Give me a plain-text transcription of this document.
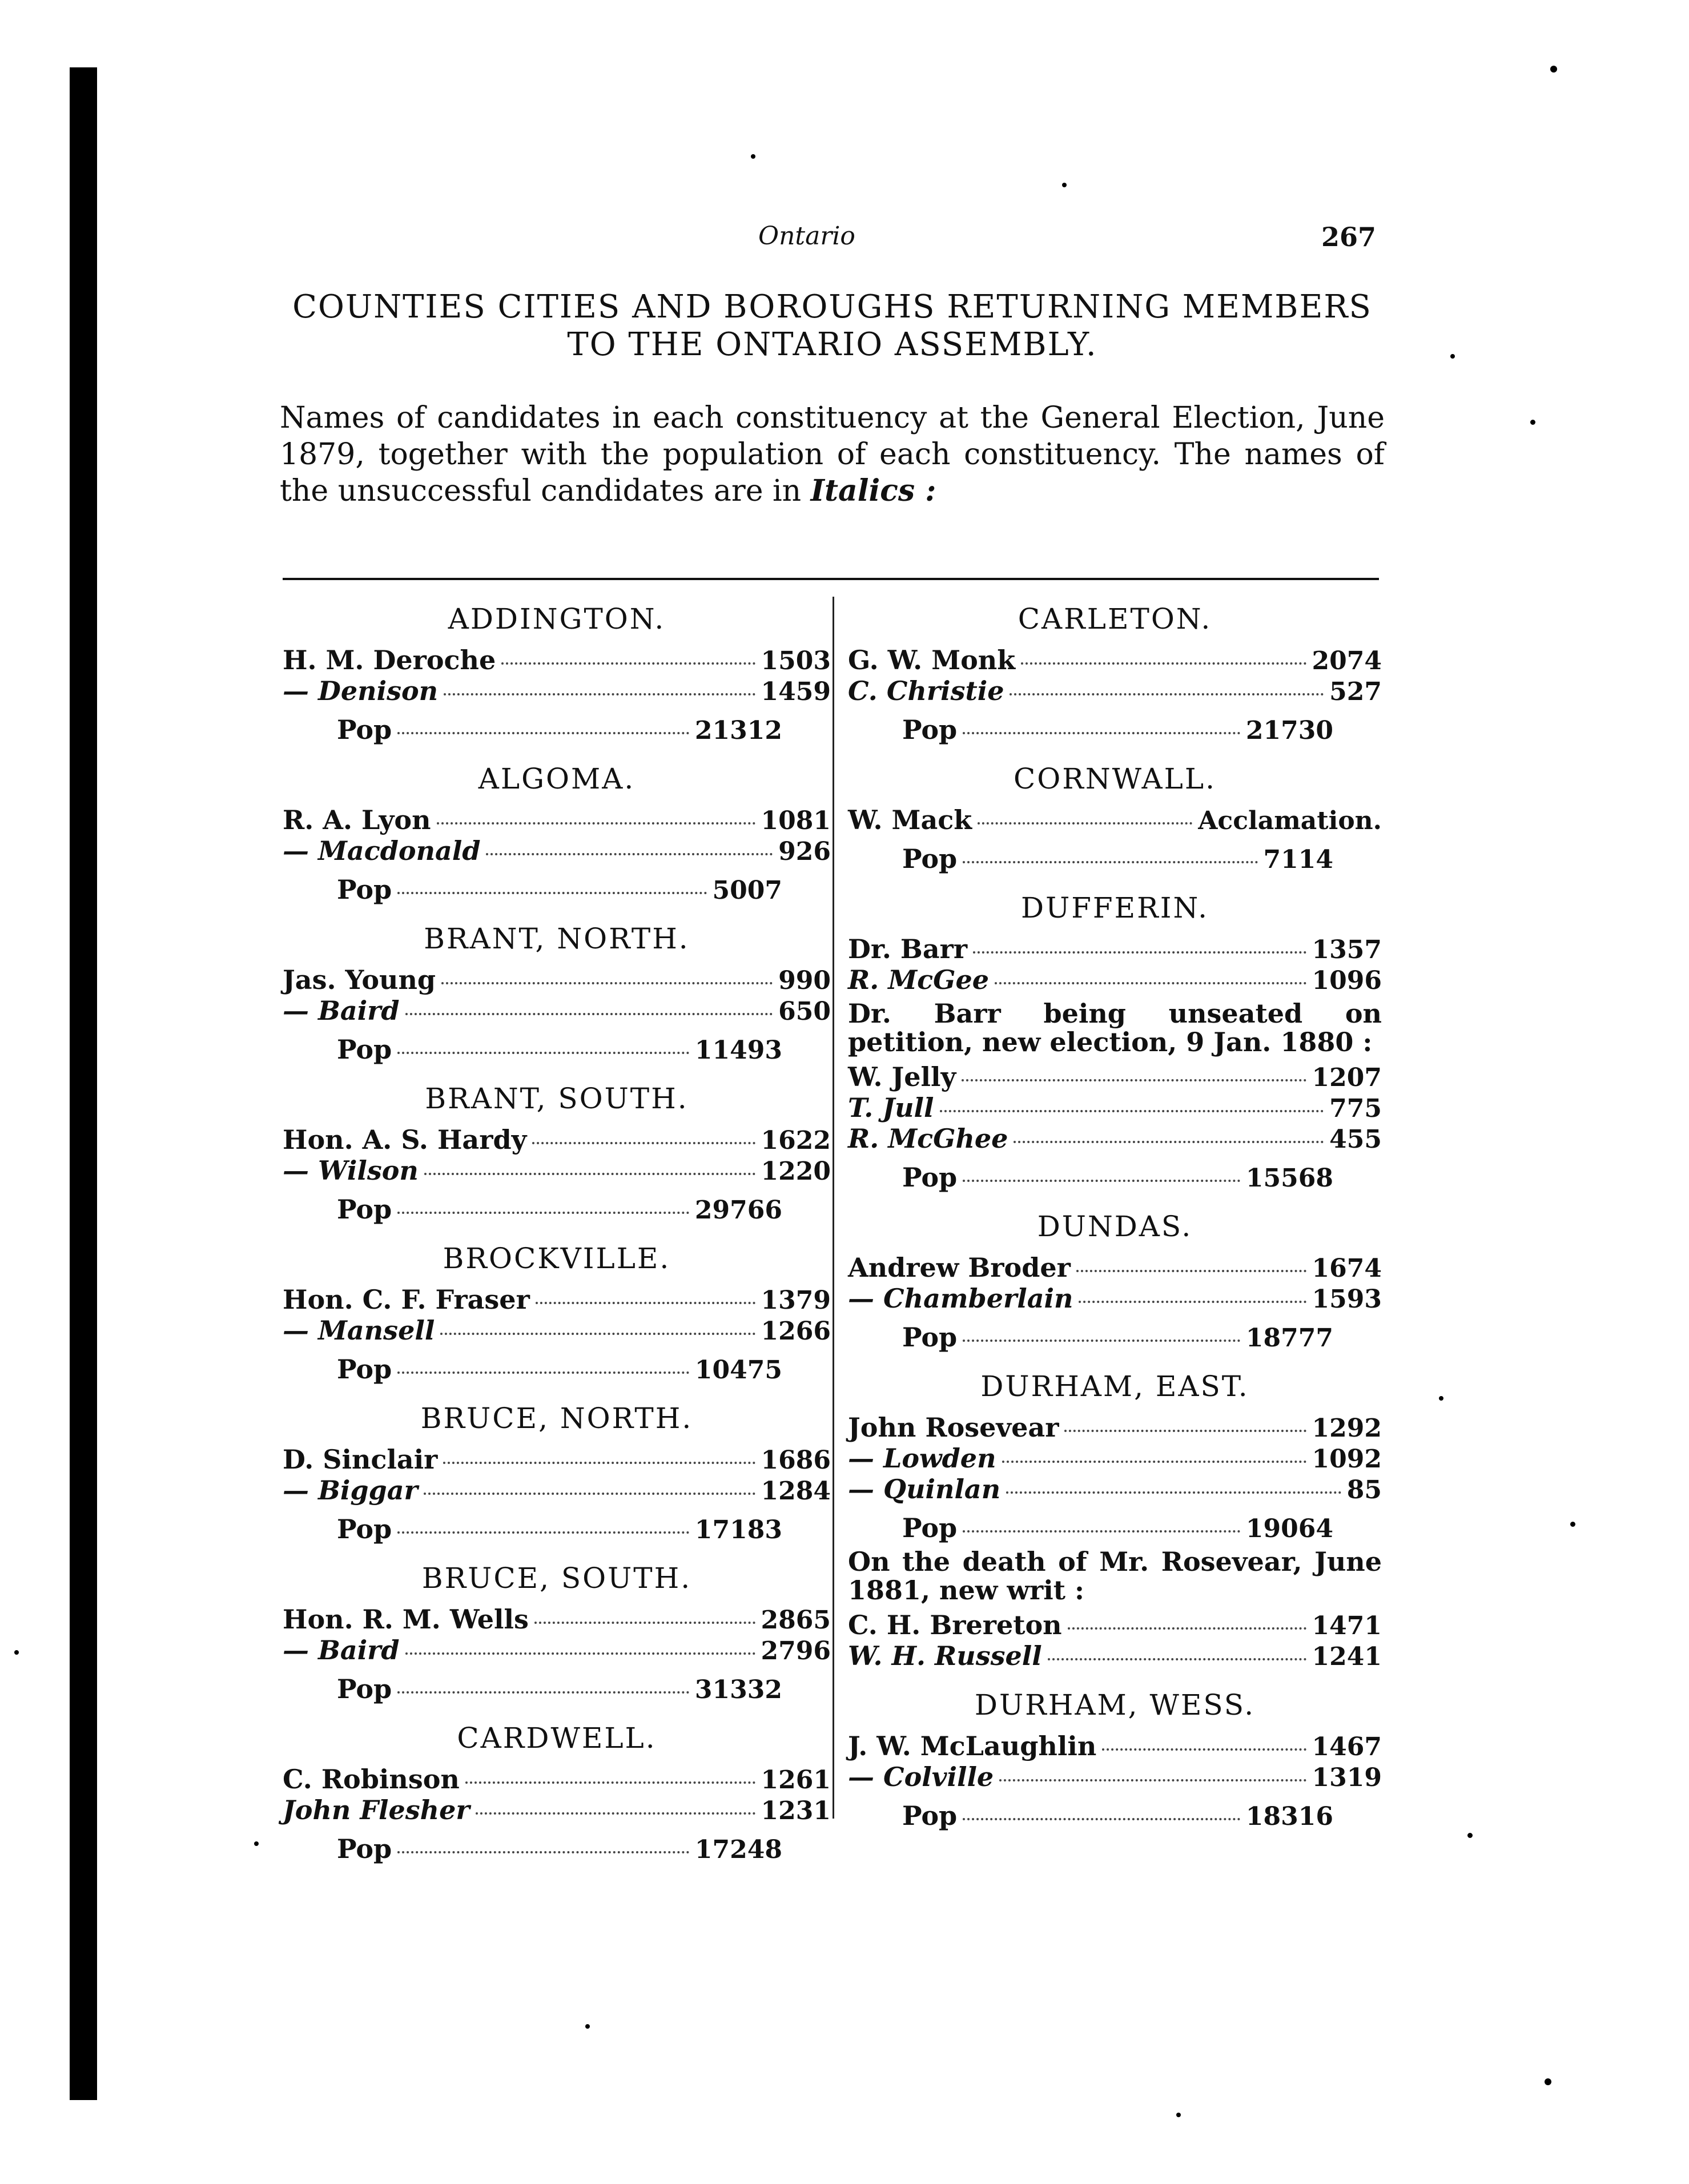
Ontario	267
COUNTIES CITIES AND BOROUGHS RETURNING MEMBERS TO THE ONTARIO ASSEMBLY.
Names of candidates in each constituency at the General Election, June 1879, together with the population of each constituency. The names of the unsuccessful candidates are in Italics :
ADDINGTON.
H. M. Deroche	1503
— Denison	1459
Pop	21312
ALGOMA.
R. A. Lyon	1081
— Macdonald	926
Pop	5007
BRANT, NORTH.
Jas. Young	990
— Baird	650
Pop	11493
BRANT, SOUTH.
Hon. A. S. Hardy	1622
— Wilson	1220
Pop	29766
BROCKVILLE.
Hon. C. F. Fraser	1379
— Mansell	1266
Pop	10475
BRUCE, NORTH.
D. Sinclair	1686
— Biggar	1284
Pop	17183
BRUCE, SOUTH.
Hon. R. M. Wells	2865
— Baird	2796
Pop	31332
CARDWELL.
C. Robinson	1261
John Flesher	1231
Pop	17248
CARLETON.
G. W. Monk	2074
C. Christie	527
Pop	21730
CORNWALL.
W. Mack	Acclamation.
Pop	7114
DUFFERIN.
Dr. Barr	1357
R. McGee	1096
Dr. Barr being unseated on petition, new election, 9 Jan. 1880 :
W. Jelly	1207
T. Jull	775
R. McGhee	455
Pop	15568
DUNDAS.
Andrew Broder	1674
— Chamberlain	1593
Pop	18777
DURHAM, EAST.
John Rosevear	1292
— Lowden	1092
— Quinlan	85
Pop	19064
On the death of Mr. Rosevear, June 1881, new writ :
C. H. Brereton	1471
W. H. Russell	1241
DURHAM, WESS.
J. W. McLaughlin	1467
— Colville	1319
Pop	18316
